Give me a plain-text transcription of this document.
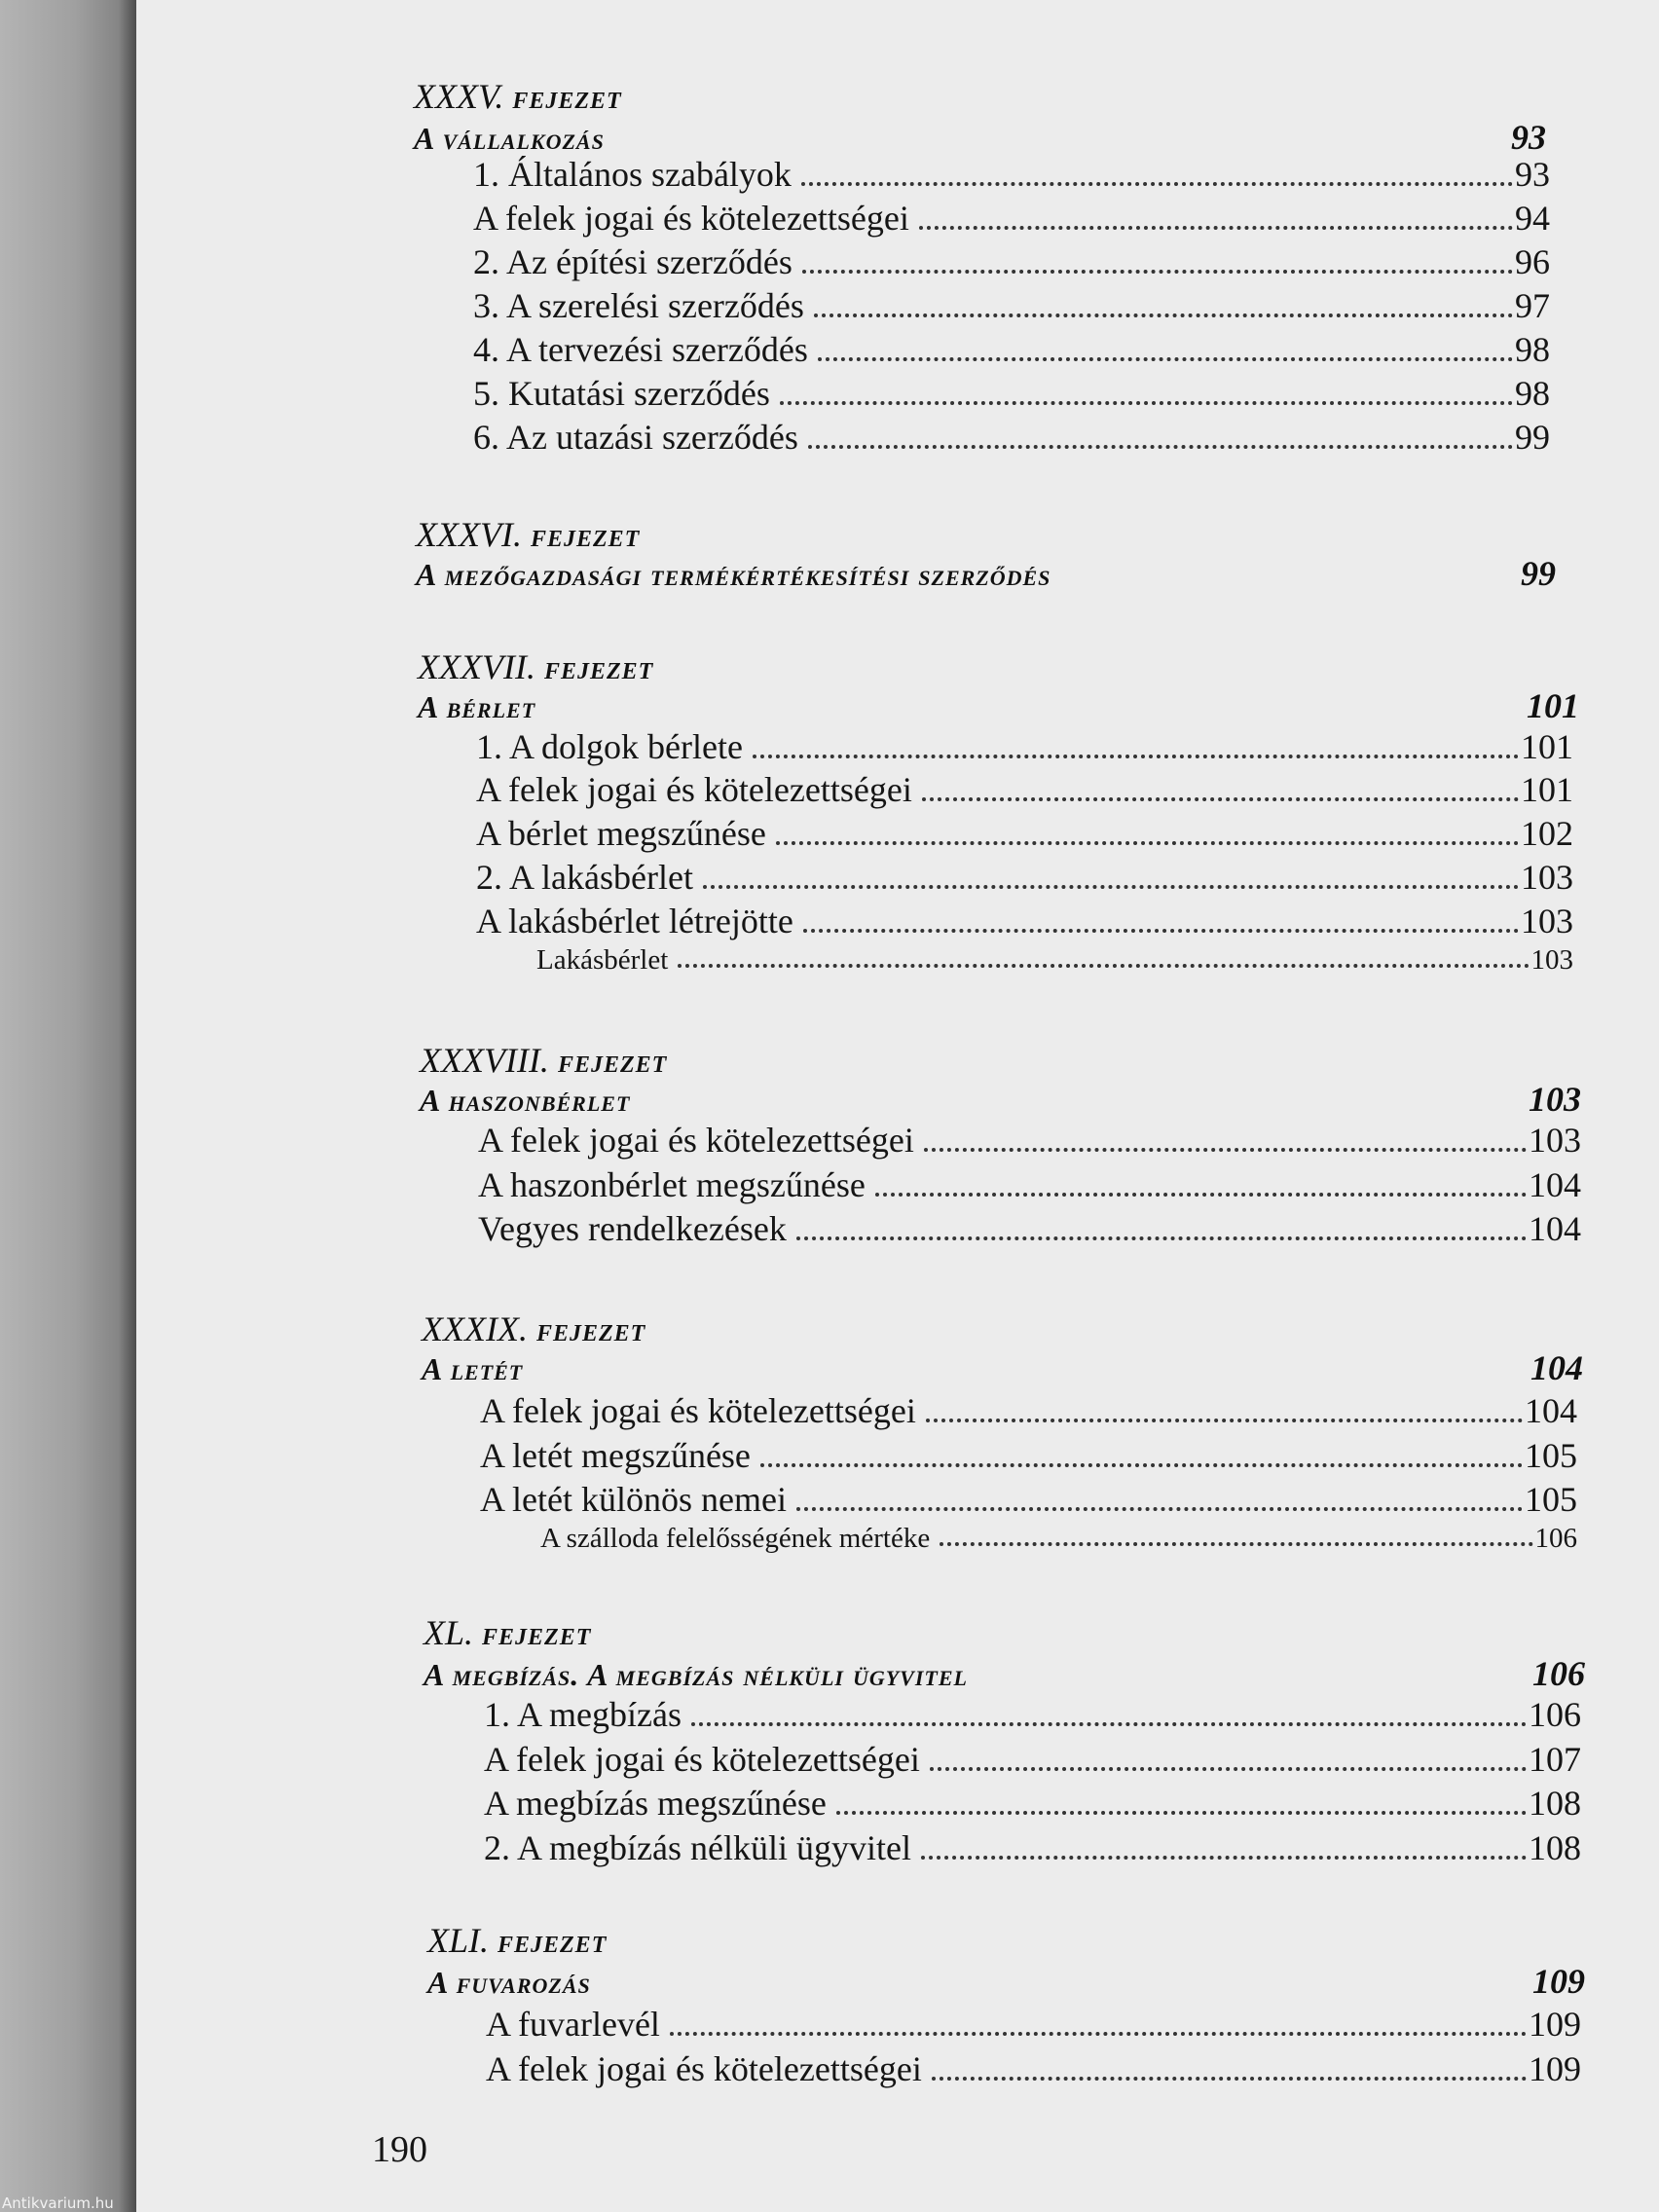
XXXV. fejezet
A vállalkozás	93
1. Általános szabályok	93
A felek jogai és kötelezettségei	94
2. Az építési szerződés	96
3. A szerelési szerződés	97
4. A tervezési szerződés	98
5. Kutatási szerződés	98
6. Az utazási szerződés	99
XXXVI. fejezet
A mezőgazdasági termékértékesítési szerződés	99
XXXVII. fejezet
A bérlet	101
1. A dolgok bérlete	101
A felek jogai és kötelezettségei	101
A bérlet megszűnése	102
2. A lakásbérlet	103
A lakásbérlet létrejötte	103
Lakásbérlet	103
XXXVIII. fejezet
A haszonbérlet	103
A felek jogai és kötelezettségei	103
A haszonbérlet megszűnése	104
Vegyes rendelkezések	104
XXXIX. fejezet
A letét	104
A felek jogai és kötelezettségei	104
A letét megszűnése	105
A letét különös nemei	105
A szálloda felelősségének mértéke	106
XL. fejezet
A megbízás. A megbízás nélküli ügyvitel	106
1. A megbízás	106
A felek jogai és kötelezettségei	107
A megbízás megszűnése	108
2. A megbízás nélküli ügyvitel	108
XLI. fejezet
A fuvarozás	109
A fuvarlevél	109
A felek jogai és kötelezettségei	109
190
Antikvarium.hu
